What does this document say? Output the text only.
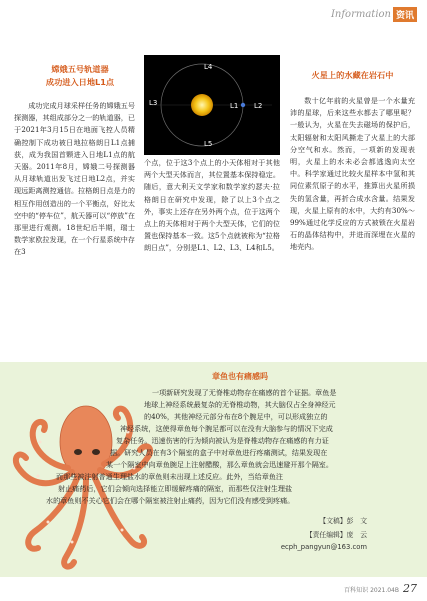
Information 资讯
嫦娥五号轨道器
成功进入日地L1点

成功完成月球采样任务的嫦娥五号探测器，其组成部分之一的轨道器，已于2021年3月15日在地面飞控人员精确控制下成功被日地拉格朗日L1点捕获，成为我国首颗进入日地L1点的航天器。2011年8月，嫦娥二号探测器从月球轨道出发飞过日地L2点，并实现远距离测控通信。拉格朗日点是力的相互作用创造出的一个平衡点，好比太空中的“停车位”，航天器可以“停放”在那里进行观测。18世纪后半期，瑞士数学家欧拉发现，在一个行星系统中存在3

L4
L3	L1 L2
L5

个点，位于这3个点上的小天体相对于其他两个大型天体而言，其位置基本保持稳定。随后，意大利天文学家和数学家约瑟夫·拉格朗日在研究中发现，除了以上3个点之外，事实上还存在另外两个点，位于这两个点上的天体相对于两个大型天体，它们的位置也保持基本一致。这5个点就被称为“拉格朗日点”，分别是L1、L2、L3、L4和L5。

火星上的水藏在岩石中

数十亿年前的火星曾是一个水量充沛的星球，后来这些水都去了哪里呢？一般认为，火星在失去磁场的保护后，太阳辐射和太阳风撕走了火星上的大部分空气和水。然而，一项新的发现表明，火星上的水未必会都逃逸向太空中。科学家通过比较火星样本中氢和其同位素氘原子的水平，推算出火星所损失的氢含量，再折合成水含量。结果发现，火星上原有的水中，大约有30%～99%通过化学反应的方式被锁在火星岩石的晶体结构中，并进而深埋在火星的地壳内。

章鱼也有痛感吗
一项新研究发现了无脊椎动物存在痛感的首个证据。章鱼是
地球上神经系统最复杂的无脊椎动物，其大脑仅占全身神经元
的40%，其他神经元部分布在8个腕足中，可以形成独立的
神经系统，这使得章鱼每个腕足都可以在没有大脑参与的情况下完成
复杂任务。迅速伤害的行为倾向被认为是脊椎动物存在痛感的有力证
据。研究人员在有3个隔室的盒子中对章鱼进行疼痛测试，结果发现在
某一个隔室中向章鱼腕足上注射醋酸，那么章鱼就会迅速避开那个隔室。
而那些被注射普通生理盐水的章鱼则未出现上述反应。此外，当给章鱼注
射止痛药后，它们会倾向选择能立即缓解疼痛的隔室，而那些仅注射生理盐
水的章鱼则不关心它们会在哪个隔室被注射止痛药，因为它们没有感受到疼痛。
【文稿】彭　文
【责任编辑】庞　云
ecph_pangyun@163.com
百科知识 2021.04B 27
